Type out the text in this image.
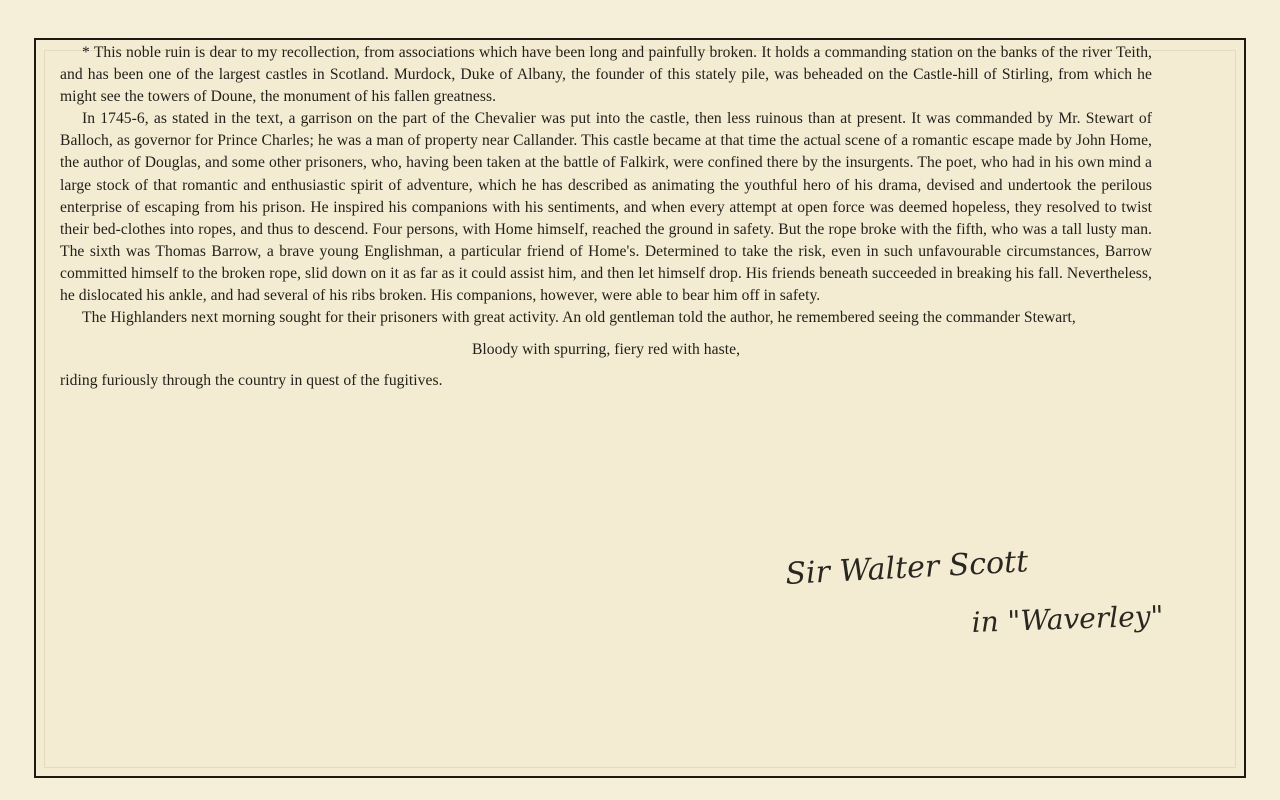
* This noble ruin is dear to my recollection, from associations which have been long and painfully broken. It holds a commanding station on the banks of the river Teith, and has been one of the largest castles in Scotland. Murdock, Duke of Albany, the founder of this stately pile, was beheaded on the Castle-hill of Stirling, from which he might see the towers of Doune, the monument of his fallen greatness.

In 1745-6, as stated in the text, a garrison on the part of the Chevalier was put into the castle, then less ruinous than at present. It was commanded by Mr. Stewart of Balloch, as governor for Prince Charles; he was a man of property near Callander. This castle became at that time the actual scene of a romantic escape made by John Home, the author of Douglas, and some other prisoners, who, having been taken at the battle of Falkirk, were confined there by the insurgents. The poet, who had in his own mind a large stock of that romantic and enthusiastic spirit of adventure, which he has described as animating the youthful hero of his drama, devised and undertook the perilous enterprise of escaping from his prison. He inspired his companions with his sentiments, and when every attempt at open force was deemed hopeless, they resolved to twist their bed-clothes into ropes, and thus to descend. Four persons, with Home himself, reached the ground in safety. But the rope broke with the fifth, who was a tall lusty man. The sixth was Thomas Barrow, a brave young Englishman, a particular friend of Home's. Determined to take the risk, even in such unfavourable circumstances, Barrow committed himself to the broken rope, slid down on it as far as it could assist him, and then let himself drop. His friends beneath succeeded in breaking his fall. Nevertheless, he dislocated his ankle, and had several of his ribs broken. His companions, however, were able to bear him off in safety.

The Highlanders next morning sought for their prisoners with great activity. An old gentleman told the author, he remembered seeing the commander Stewart,

Bloody with spurring, fiery red with haste,

riding furiously through the country in quest of the fugitives.

Sir Walter Scott
in "Waverley"
